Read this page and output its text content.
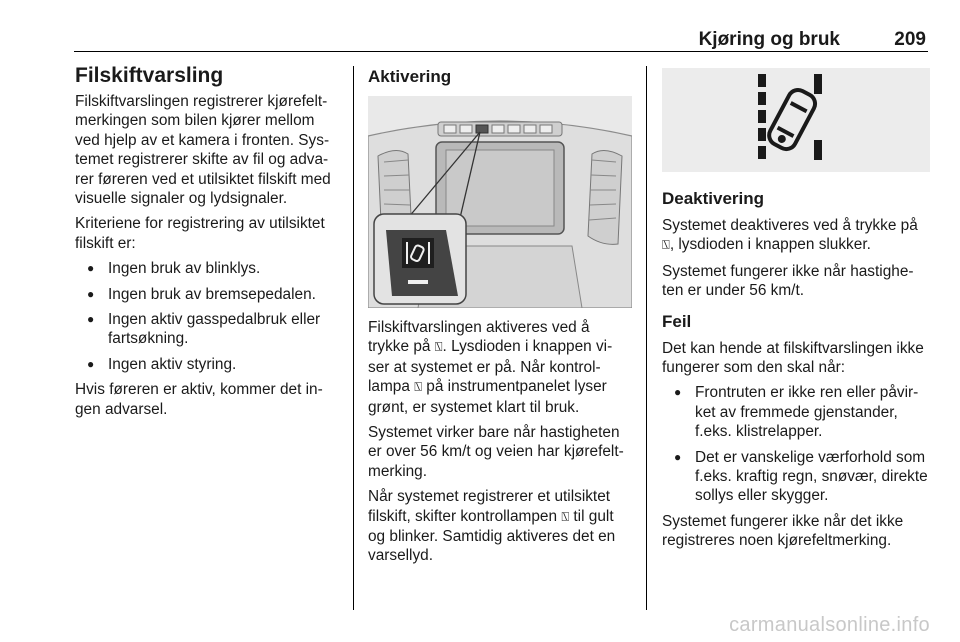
Kjøring og bruk	209
Filskiftvarsling

Filskiftvarslingen registrerer kjørefelt-merkingen som bilen kjører mellom ved hjelp av et kamera i fronten. Sys-temet registrerer skifte av fil og adva-rer føreren ved et utilsiktet filskift med visuelle signaler og lydsignaler.

Kriteriene for registrering av utilsiktet filskift er:

● Ingen bruk av blinklys.
● Ingen bruk av bremsepedalen.
● Ingen aktiv gasspedalbruk eller fartsøkning.
● Ingen aktiv styring.

Hvis føreren er aktiv, kommer det in-gen advarsel.

Aktivering

Filskiftvarslingen aktiveres ved å trykke på ⍂. Lysdioden i knappen vi-ser at systemet er på. Når kontrol-lampa ⍂ på instrumentpanelet lyser grønt, er systemet klart til bruk.

Systemet virker bare når hastigheten er over 56 km/t og veien har kjørefelt-merking.

Når systemet registrerer et utilsiktet filskift, skifter kontrollampen ⍂ til gult og blinker. Samtidig aktiveres det en varsellyd.

Deaktivering

Systemet deaktiveres ved å trykke på ⍂, lysdioden i knappen slukker.

Systemet fungerer ikke når hastighe-ten er under 56 km/t.

Feil

Det kan hende at filskiftvarslingen ikke fungerer som den skal når:

● Frontruten er ikke ren eller påvir-ket av fremmede gjenstander, f.eks. klistrelapper.
● Det er vanskelige værforhold som f.eks. kraftig regn, snøvær, direkte sollys eller skygger.

Systemet fungerer ikke når det ikke registreres noen kjørefeltmerking.

carmanualsonline.info
